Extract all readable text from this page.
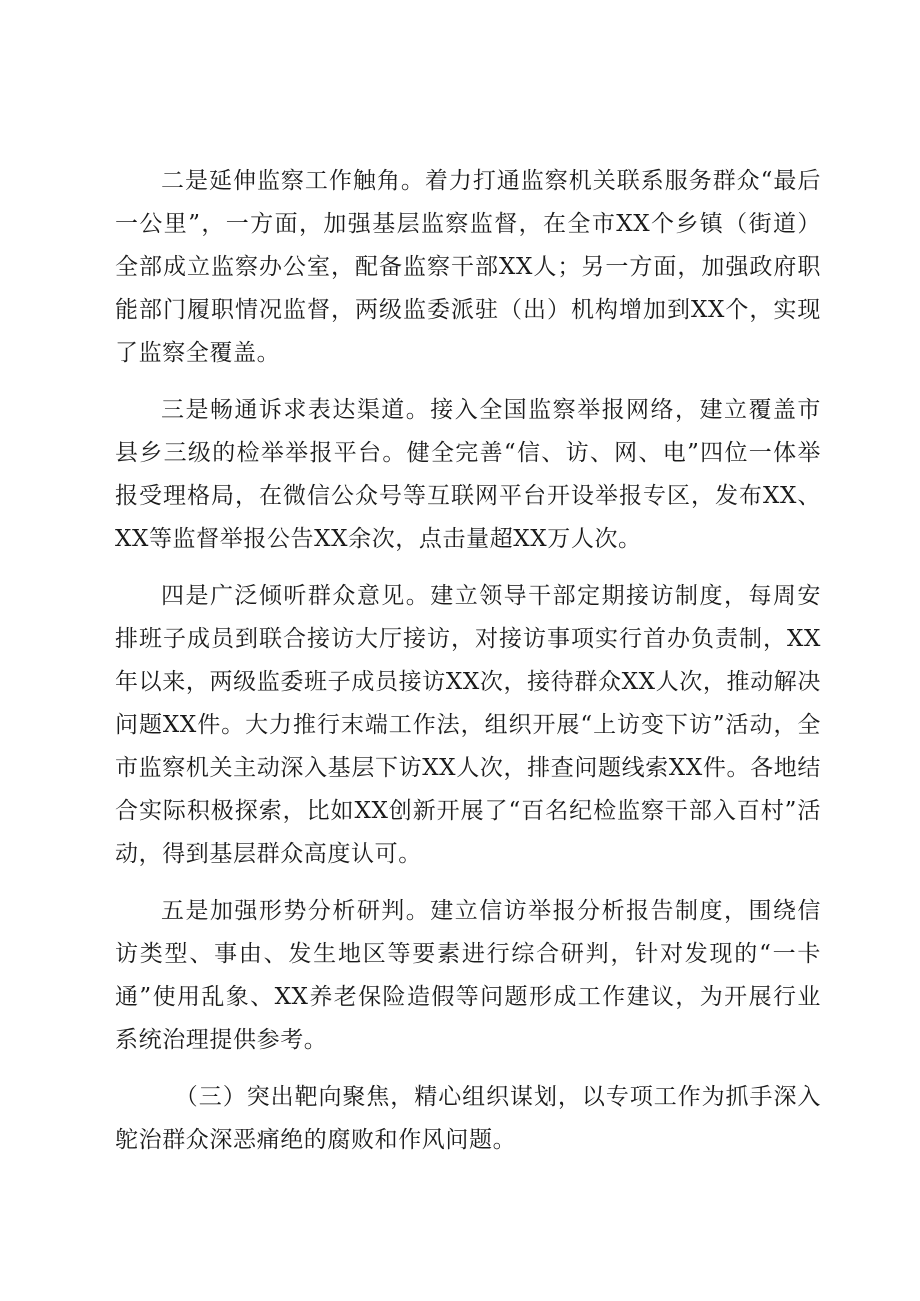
二是延伸监察工作触角。着力打通监察机关联系服务群众“最后一公里”，一方面，加强基层监察监督，在全市XX个乡镇（街道）全部成立监察办公室，配备监察干部XX人；另一方面，加强政府职能部门履职情况监督，两级监委派驻（出）机构增加到XX个，实现了监察全覆盖。

三是畅通诉求表达渠道。接入全国监察举报网络，建立覆盖市县乡三级的检举举报平台。健全完善“信、访、网、电”四位一体举报受理格局，在微信公众号等互联网平台开设举报专区，发布XX、XX等监督举报公告XX余次，点击量超XX万人次。

四是广泛倾听群众意见。建立领导干部定期接访制度，每周安排班子成员到联合接访大厅接访，对接访事项实行首办负责制，XX年以来，两级监委班子成员接访XX次，接待群众XX人次，推动解决问题XX件。大力推行末端工作法，组织开展“上访变下访”活动，全市监察机关主动深入基层下访XX人次，排查问题线索XX件。各地结合实际积极探索，比如XX创新开展了“百名纪检监察干部入百村”活动，得到基层群众高度认可。

五是加强形势分析研判。建立信访举报分析报告制度，围绕信访类型、事由、发生地区等要素进行综合研判，针对发现的“一卡通”使用乱象、XX养老保险造假等问题形成工作建议，为开展行业系统治理提供参考。

（三）突出靶向聚焦，精心组织谋划，以专项工作为抓手深入鸵治群众深恶痛绝的腐败和作风问题。
